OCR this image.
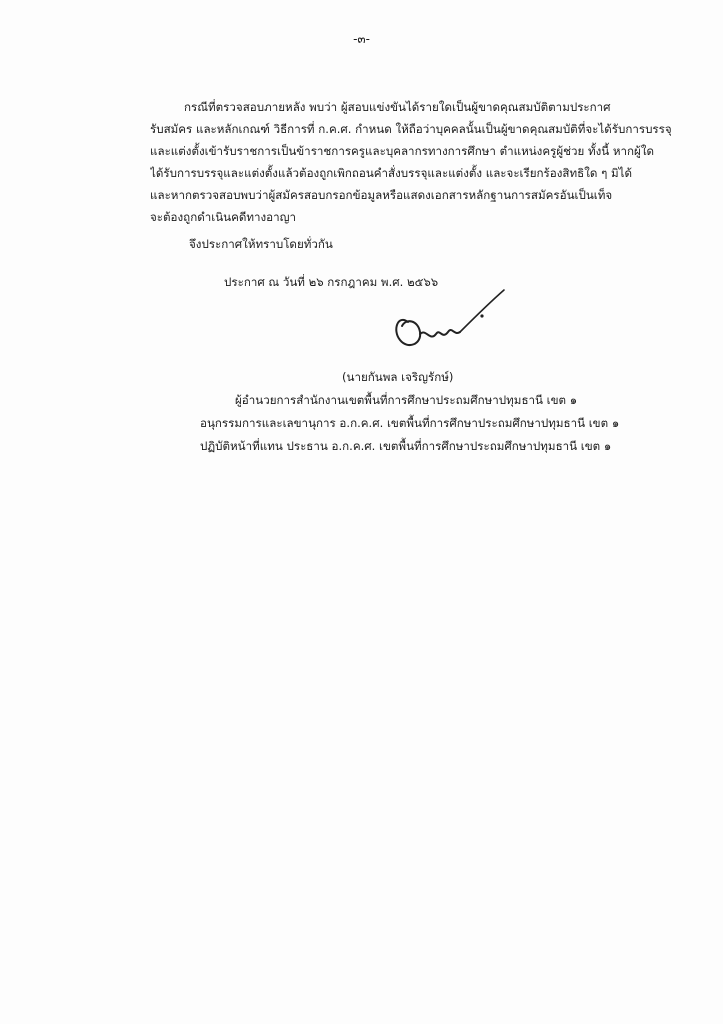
-๓-
กรณีที่ตรวจสอบภายหลัง พบว่า ผู้สอบแข่งขันได้รายใดเป็นผู้ขาดคุณสมบัติตามประกาศ
รับสมัคร และหลักเกณฑ์ วิธีการที่ ก.ค.ศ. กำหนด ให้ถือว่าบุคคลนั้นเป็นผู้ขาดคุณสมบัติที่จะได้รับการบรรจุ
และแต่งตั้งเข้ารับราชการเป็นข้าราชการครูและบุคลากรทางการศึกษา ตำแหน่งครูผู้ช่วย ทั้งนี้ หากผู้ใด
ได้รับการบรรจุและแต่งตั้งแล้วต้องถูกเพิกถอนคำสั่งบรรจุและแต่งตั้ง และจะเรียกร้องสิทธิใด ๆ มิได้
และหากตรวจสอบพบว่าผู้สมัครสอบกรอกข้อมูลหรือแสดงเอกสารหลักฐานการสมัครอันเป็นเท็จ
จะต้องถูกดำเนินคดีทางอาญา
จึงประกาศให้ทราบโดยทั่วกัน
ประกาศ ณ วันที่ ๒๖ กรกฎาคม พ.ศ. ๒๕๖๖
(นายกันพล เจริญรักษ์)
ผู้อำนวยการสำนักงานเขตพื้นที่การศึกษาประถมศึกษาปทุมธานี เขต ๑
อนุกรรมการและเลขานุการ อ.ก.ค.ศ. เขตพื้นที่การศึกษาประถมศึกษาปทุมธานี เขต ๑
ปฏิบัติหน้าที่แทน ประธาน อ.ก.ค.ศ. เขตพื้นที่การศึกษาประถมศึกษาปทุมธานี เขต ๑
